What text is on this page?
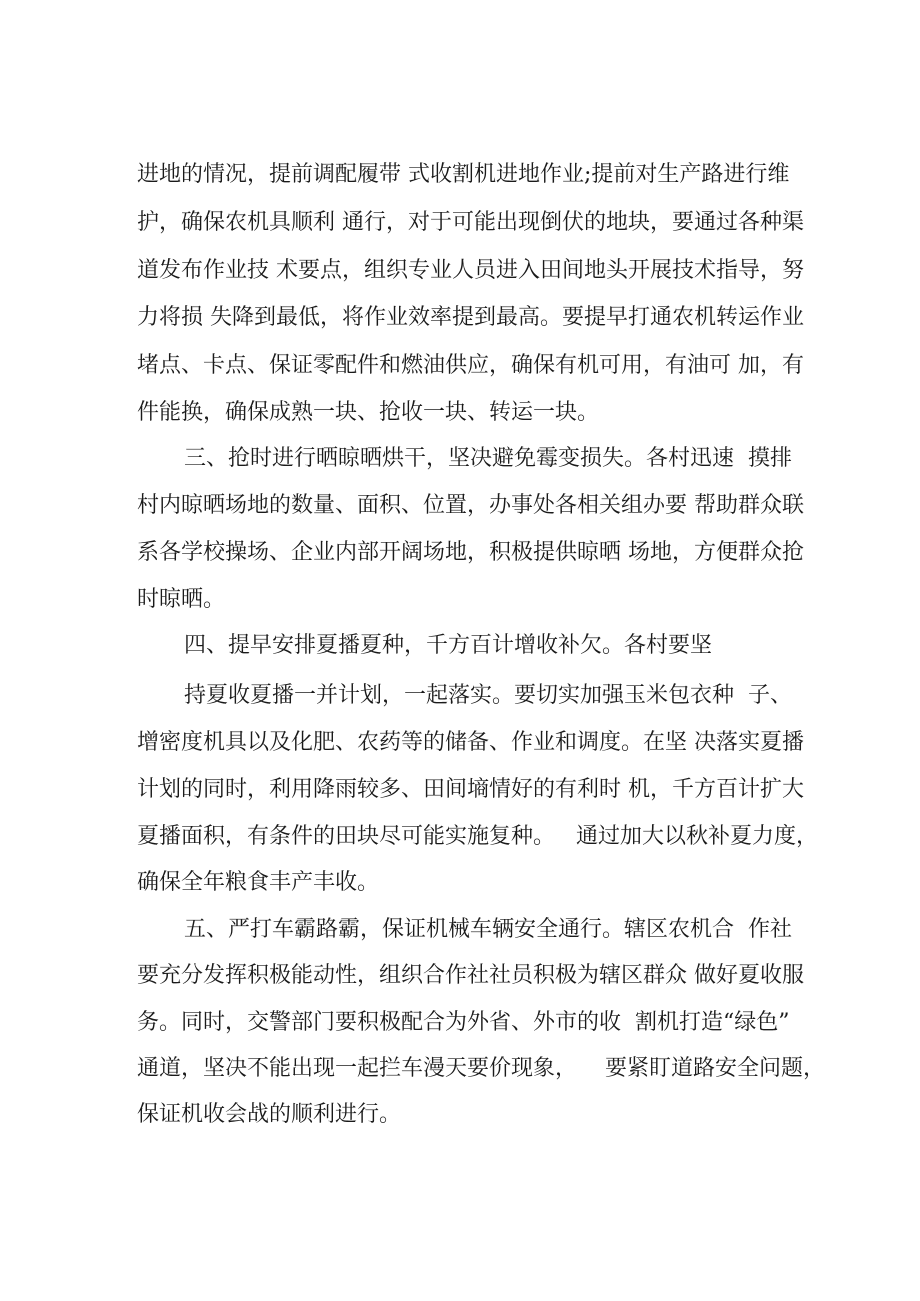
进地的情况，提前调配履带 式收割机进地作业;提前对生产路进行维
护，确保农机具顺利 通行，对于可能出现倒伏的地块，要通过各种渠
道发布作业技 术要点，组织专业人员进入田间地头开展技术指导，努
力将损 失降到最低，将作业效率提到最高。要提早打通农机转运作业
堵点、卡点、保证零配件和燃油供应，确保有机可用，有油可 加，有
件能换，确保成熟一块、抢收一块、转运一块。
三、抢时进行晒晾晒烘干，坚决避免霉变损失。各村迅速  摸排
村内晾晒场地的数量、面积、位置，办事处各相关组办要 帮助群众联
系各学校操场、企业内部开阔场地，积极提供晾晒 场地，方便群众抢
时晾晒。
四、提早安排夏播夏种，千方百计增收补欠。各村要坚
持夏收夏播一并计划，一起落实。要切实加强玉米包衣种  子、
增密度机具以及化肥、农药等的储备、作业和调度。在坚 决落实夏播
计划的同时，利用降雨较多、田间墒情好的有利时 机，千方百计扩大
夏播面积，有条件的田块尽可能实施复种。   通过加大以秋补夏力度，
确保全年粮食丰产丰收。
五、严打车霸路霸，保证机械车辆安全通行。辖区农机合  作社
要充分发挥积极能动性，组织合作社社员积极为辖区群众 做好夏收服
务。同时，交警部门要积极配合为外省、外市的收  割机打造“绿色”
通道，坚决不能出现一起拦车漫天要价现象，    要紧盯道路安全问题，
保证机收会战的顺利进行。
